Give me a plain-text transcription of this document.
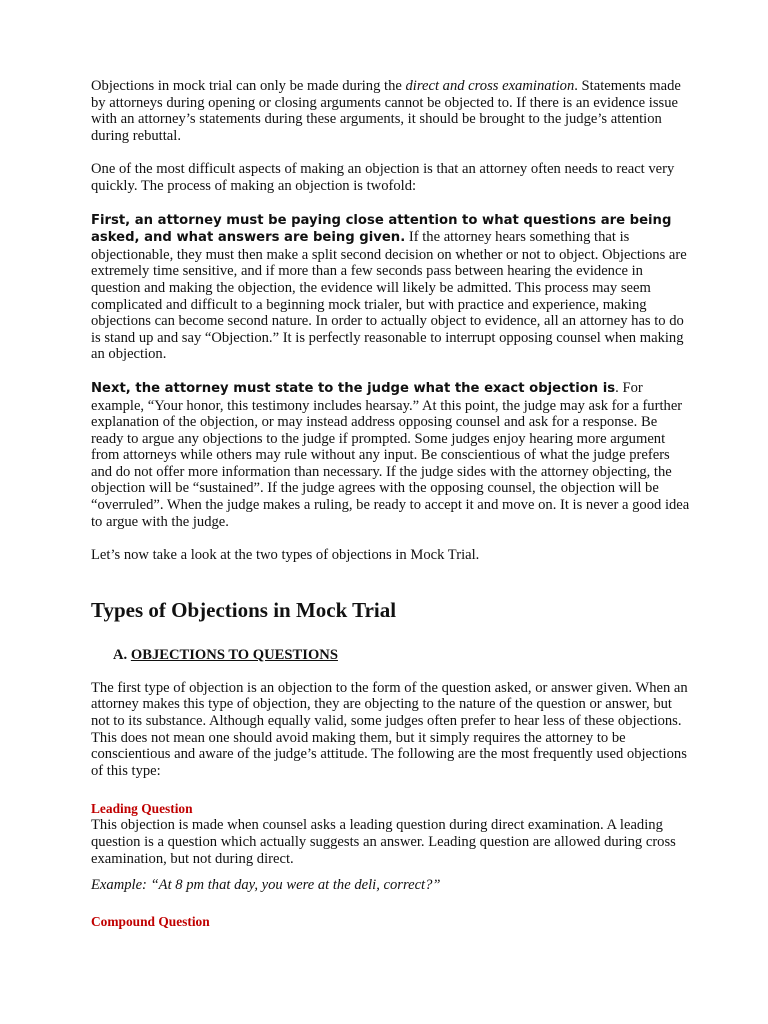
Objections in mock trial can only be made during the direct and cross examination. Statements made by attorneys during opening or closing arguments cannot be objected to. If there is an evidence issue with an attorney’s statements during these arguments, it should be brought to the judge’s attention during rebuttal.

One of the most difficult aspects of making an objection is that an attorney often needs to react very quickly. The process of making an objection is twofold:

First, an attorney must be paying close attention to what questions are being asked, and what answers are being given. If the attorney hears something that is objectionable, they must then make a split second decision on whether or not to object. Objections are extremely time sensitive, and if more than a few seconds pass between hearing the evidence in question and making the objection, the evidence will likely be admitted. This process may seem complicated and difficult to a beginning mock trialer, but with practice and experience, making objections can become second nature. In order to actually object to evidence, all an attorney has to do is stand up and say “Objection.” It is perfectly reasonable to interrupt opposing counsel when making an objection.

Next, the attorney must state to the judge what the exact objection is. For example, “Your honor, this testimony includes hearsay.” At this point, the judge may ask for a further explanation of the objection, or may instead address opposing counsel and ask for a response. Be ready to argue any objections to the judge if prompted. Some judges enjoy hearing more argument from attorneys while others may rule without any input. Be conscientious of what the judge prefers and do not offer more information than necessary. If the judge sides with the attorney objecting, the objection will be “sustained”. If the judge agrees with the opposing counsel, the objection will be “overruled”. When the judge makes a ruling, be ready to accept it and move on. It is never a good idea to argue with the judge.

Let’s now take a look at the two types of objections in Mock Trial.

Types of Objections in Mock Trial
A. OBJECTIONS TO QUESTIONS

The first type of objection is an objection to the form of the question asked, or answer given. When an attorney makes this type of objection, they are objecting to the nature of the question or answer, but not to its substance. Although equally valid, some judges often prefer to hear less of these objections. This does not mean one should avoid making them, but it simply requires the attorney to be conscientious and aware of the judge’s attitude. The following are the most frequently used objections of this type:

Leading Question

This objection is made when counsel asks a leading question during direct examination. A leading question is a question which actually suggests an answer. Leading question are allowed during cross examination, but not during direct.

Example: “At 8 pm that day, you were at the deli, correct?”

Compound Question
